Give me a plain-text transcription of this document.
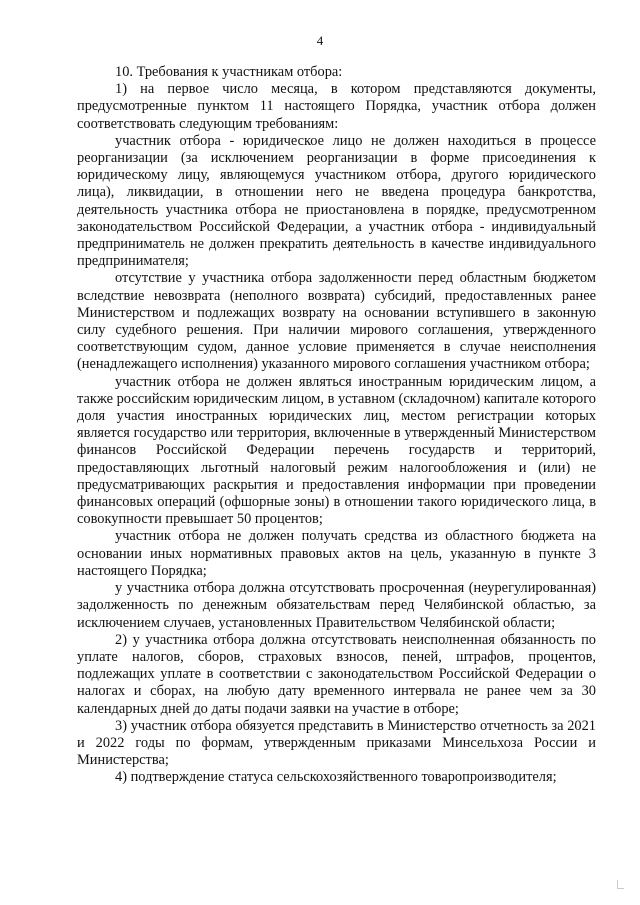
4

10. Требования к участникам отбора:

1) на первое число месяца, в котором представляются документы, предусмотренные пунктом 11 настоящего Порядка, участник отбора должен соответствовать следующим требованиям:

участник отбора - юридическое лицо не должен находиться в процессе реорганизации (за исключением реорганизации в форме присоединения к юридическому лицу, являющемуся участником отбора, другого юридического лица), ликвидации, в отношении него не введена процедура банкротства, деятельность участника отбора не приостановлена в порядке, предусмотренном законодательством Российской Федерации, а участник отбора - индивидуальный предприниматель не должен прекратить деятельность в качестве индивидуального предпринимателя;

отсутствие у участника отбора задолженности перед областным бюджетом вследствие невозврата (неполного возврата) субсидий, предоставленных ранее Министерством и подлежащих возврату на основании вступившего в законную силу судебного решения. При наличии мирового соглашения, утвержденного соответствующим судом, данное условие применяется в случае неисполнения (ненадлежащего исполнения) указанного мирового соглашения участником отбора;

участник отбора не должен являться иностранным юридическим лицом, а также российским юридическим лицом, в уставном (складочном) капитале которого доля участия иностранных юридических лиц, местом регистрации которых является государство или территория, включенные в утвержденный Министерством финансов Российской Федерации перечень государств и территорий, предоставляющих льготный налоговый режим налогообложения и (или) не предусматривающих раскрытия и предоставления информации при проведении финансовых операций (офшорные зоны) в отношении такого юридического лица, в совокупности превышает 50 процентов;

участник отбора не должен получать средства из областного бюджета на основании иных нормативных правовых актов на цель, указанную в пункте 3 настоящего Порядка;

у участника отбора должна отсутствовать просроченная (неурегулированная) задолженность по денежным обязательствам перед Челябинской областью, за исключением случаев, установленных Правительством Челябинской области;

2) у участника отбора должна отсутствовать неисполненная обязанность по уплате налогов, сборов, страховых взносов, пеней, штрафов, процентов, подлежащих уплате в соответствии с законодательством Российской Федерации о налогах и сборах, на любую дату временного интервала не ранее чем за 30 календарных дней до даты подачи заявки на участие в отборе;

3) участник отбора обязуется представить в Министерство отчетность за 2021 и 2022 годы по формам, утвержденным приказами Минсельхоза России и Министерства;

4) подтверждение статуса сельскохозяйственного товаропроизводителя;
